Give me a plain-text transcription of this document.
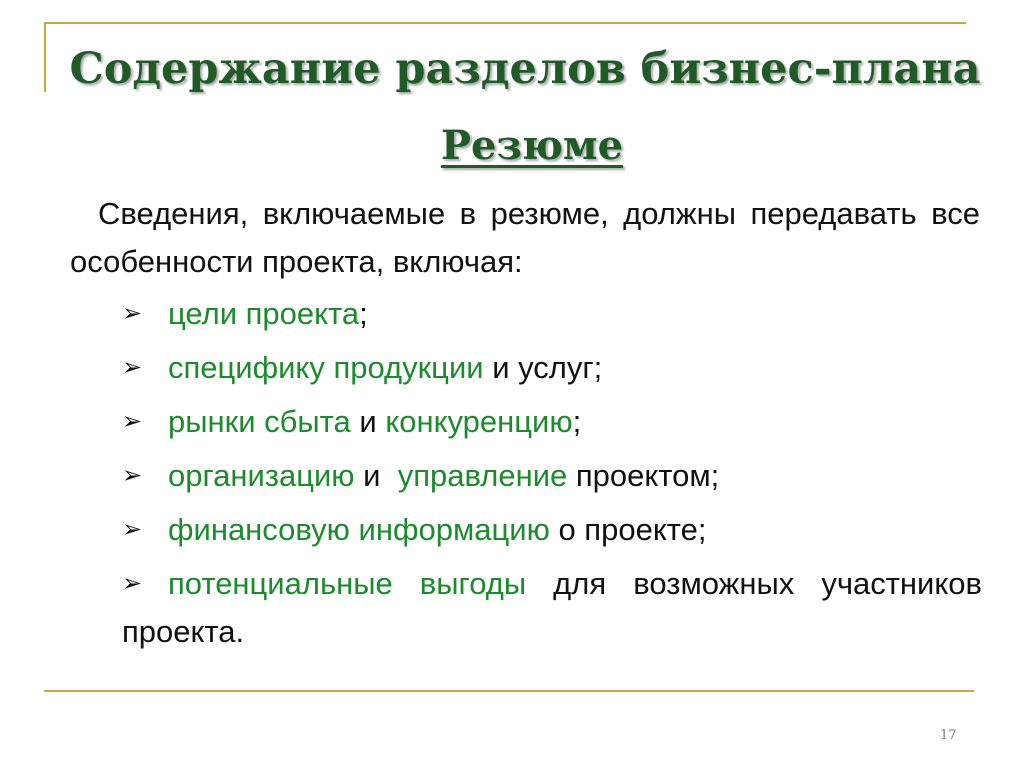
Содержание разделов бизнес-плана
Резюме
Сведения, включаемые в резюме, должны передавать все особенности проекта, включая:
➢ цели проекта;
➢ специфику продукции и услуг;
➢ рынки сбыта и конкуренцию;
➢ организацию и  управление проектом;
➢ финансовую информацию о проекте;
➢ потенциальные выгоды для возможных участников проекта.
17
